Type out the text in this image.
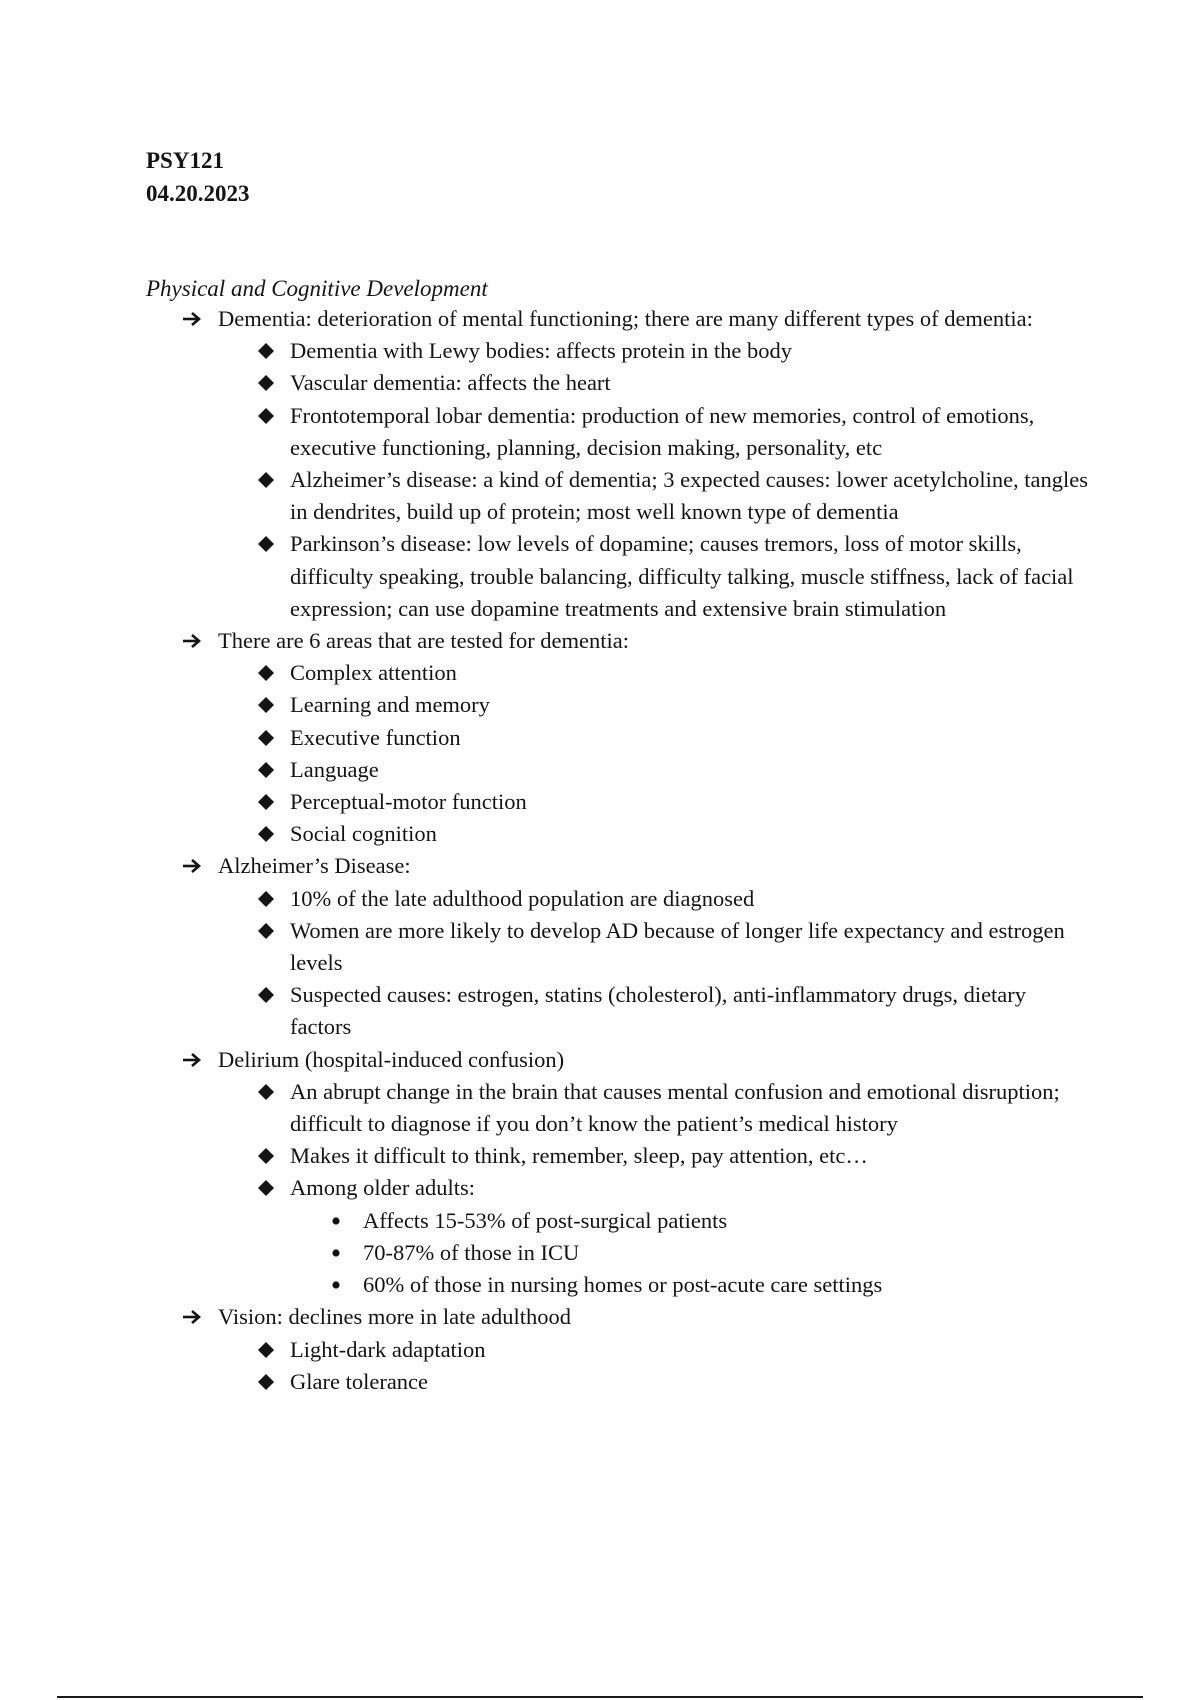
PSY121
04.20.2023
Physical and Cognitive Development
Dementia: deterioration of mental functioning; there are many different types of dementia:
Dementia with Lewy bodies: affects protein in the body
Vascular dementia: affects the heart
Frontotemporal lobar dementia: production of new memories, control of emotions, executive functioning, planning, decision making, personality, etc
Alzheimer’s disease: a kind of dementia; 3 expected causes: lower acetylcholine, tangles in dendrites, build up of protein; most well known type of dementia
Parkinson’s disease: low levels of dopamine; causes tremors, loss of motor skills, difficulty speaking, trouble balancing, difficulty talking, muscle stiffness, lack of facial expression; can use dopamine treatments and extensive brain stimulation
There are 6 areas that are tested for dementia:
Complex attention
Learning and memory
Executive function
Language
Perceptual-motor function
Social cognition
Alzheimer’s Disease:
10% of the late adulthood population are diagnosed
Women are more likely to develop AD because of longer life expectancy and estrogen levels
Suspected causes: estrogen, statins (cholesterol), anti-inflammatory drugs, dietary factors
Delirium (hospital-induced confusion)
An abrupt change in the brain that causes mental confusion and emotional disruption; difficult to diagnose if you don’t know the patient’s medical history
Makes it difficult to think, remember, sleep, pay attention, etc…
Among older adults:
Affects 15-53% of post-surgical patients
70-87% of those in ICU
60% of those in nursing homes or post-acute care settings
Vision: declines more in late adulthood
Light-dark adaptation
Glare tolerance
